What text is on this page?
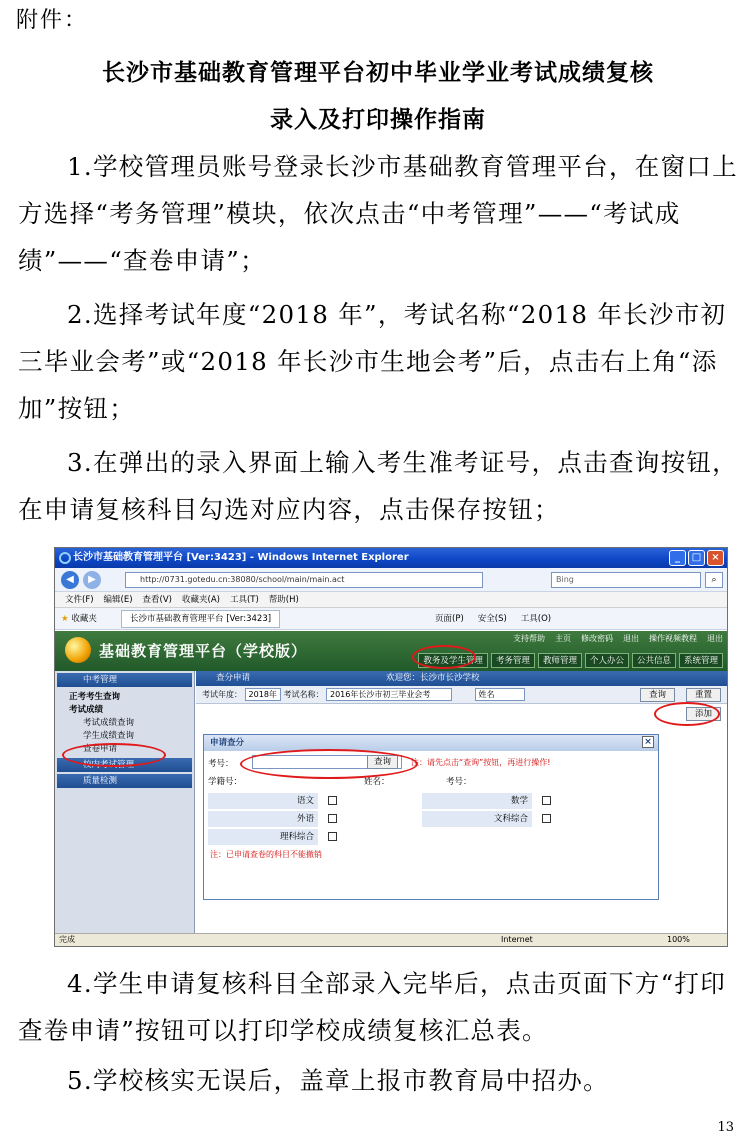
附件：
长沙市基础教育管理平台初中毕业学业考试成绩复核
录入及打印操作指南
1.学校管理员账号登录长沙市基础教育管理平台，在窗口上方选择“考务管理”模块，依次点击“中考管理”——“考试成绩”——“查卷申请”；
2.选择考试年度“2018 年”，考试名称“2018 年长沙市初三毕业会考”或“2018 年长沙市生地会考”后，点击右上角“添加”按钮；
3.在弹出的录入界面上输入考生准考证号，点击查询按钮，在申请复核科目勾选对应内容，点击保存按钮；
长沙市基础教育管理平台 [Ver:3423] - Windows Internet Explorer	_	□	×
◀	▶	http://0731.gotedu.cn:38080/school/main/main.act	Bing	⌕
文件(F) 编辑(E) 查看(V) 收藏夹(A) 工具(T) 帮助(H)
★ 收藏夹	长沙市基础教育管理平台 [Ver:3423]	页面(P) 安全(S) 工具(O)
基础教育管理平台（学校版）
支持帮助 主页 修改密码 退出 操作视频教程 退出
教务及学生管理	考务管理	教师管理	个人办公	公共信息	系统管理
中考管理
正考考生查询
考试成绩
考试成绩查询
学生成绩查询
查卷申请
校内考试管理
质量检测
查分申请	欢迎您：长沙市长沙学校
考试年度： 2018年 考试名称： 2016年长沙市初三毕业会考	姓名	查询	重置
添加
完成	Internet	100%
申请查分	×
考号：	查询	注：请先点击“查询”按钮，再进行操作!
学籍号：	姓名：	考号：
语文	数学
外语	文科综合
理科综合
注：已申请查卷的科目不能撤销
4.学生申请复核科目全部录入完毕后，点击页面下方“打印查卷申请”按钮可以打印学校成绩复核汇总表。
5.学校核实无误后，盖章上报市教育局中招办。
13
